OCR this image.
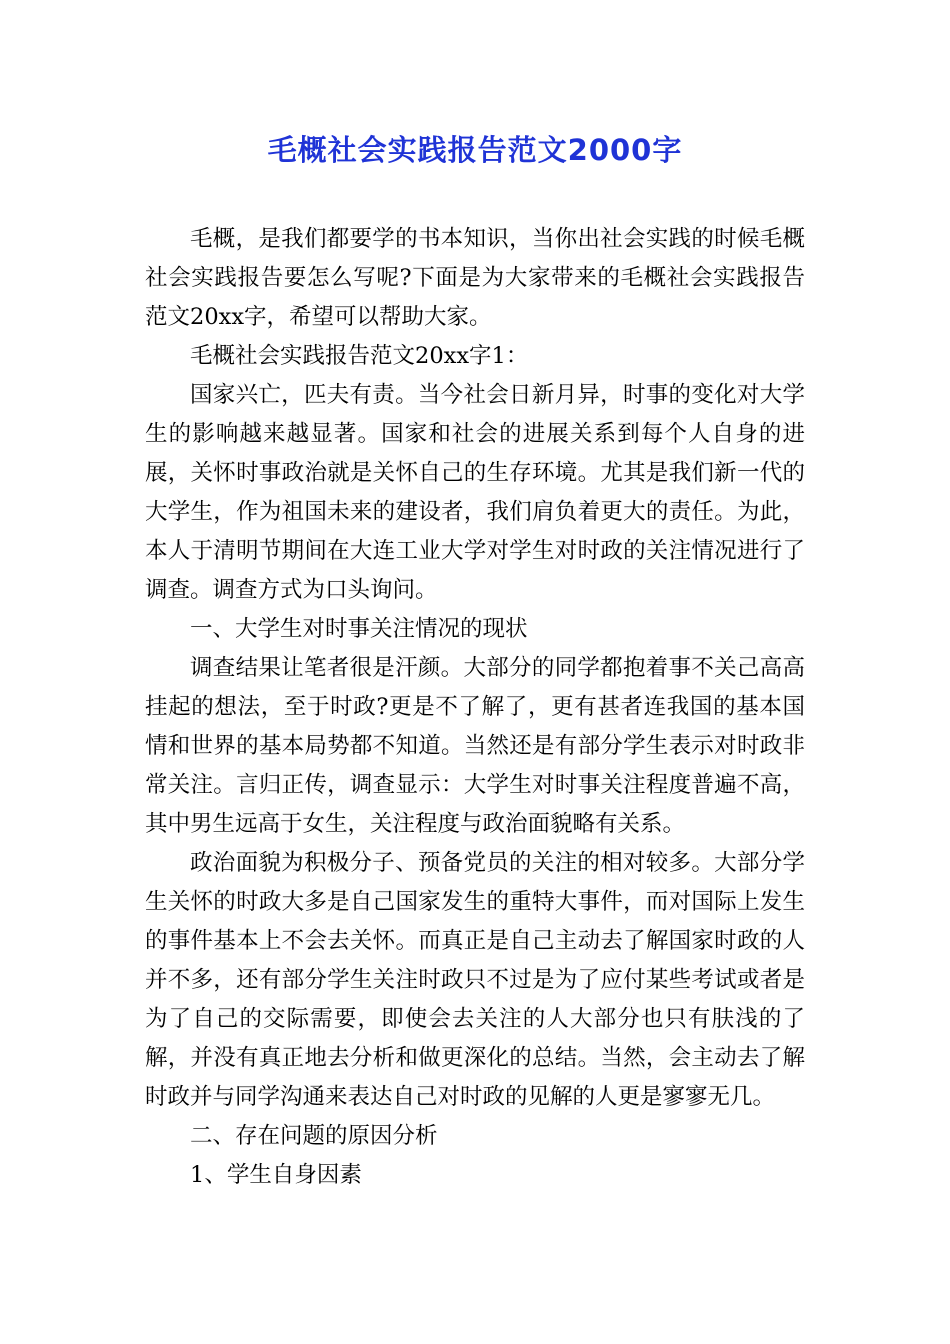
毛概社会实践报告范文2000字

毛概，是我们都要学的书本知识，当你出社会实践的时候毛概社会实践报告要怎么写呢?下面是为大家带来的毛概社会实践报告范文20xx字，希望可以帮助大家。

毛概社会实践报告范文20xx字1：

国家兴亡，匹夫有责。当今社会日新月异，时事的变化对大学生的影响越来越显著。国家和社会的进展关系到每个人自身的进展，关怀时事政治就是关怀自己的生存环境。尤其是我们新一代的大学生，作为祖国未来的建设者，我们肩负着更大的责任。为此，本人于清明节期间在大连工业大学对学生对时政的关注情况进行了调查。调查方式为口头询问。

一、大学生对时事关注情况的现状

调查结果让笔者很是汗颜。大部分的同学都抱着事不关己高高挂起的想法，至于时政?更是不了解了，更有甚者连我国的基本国情和世界的基本局势都不知道。当然还是有部分学生表示对时政非常关注。言归正传，调查显示：大学生对时事关注程度普遍不高，其中男生远高于女生，关注程度与政治面貌略有关系。

政治面貌为积极分子、预备党员的关注的相对较多。大部分学生关怀的时政大多是自己国家发生的重特大事件，而对国际上发生的事件基本上不会去关怀。而真正是自己主动去了解国家时政的人并不多，还有部分学生关注时政只不过是为了应付某些考试或者是为了自己的交际需要，即使会去关注的人大部分也只有肤浅的了解，并没有真正地去分析和做更深化的总结。当然，会主动去了解时政并与同学沟通来表达自己对时政的见解的人更是寥寥无几。

二、存在问题的原因分析

1、学生自身因素
